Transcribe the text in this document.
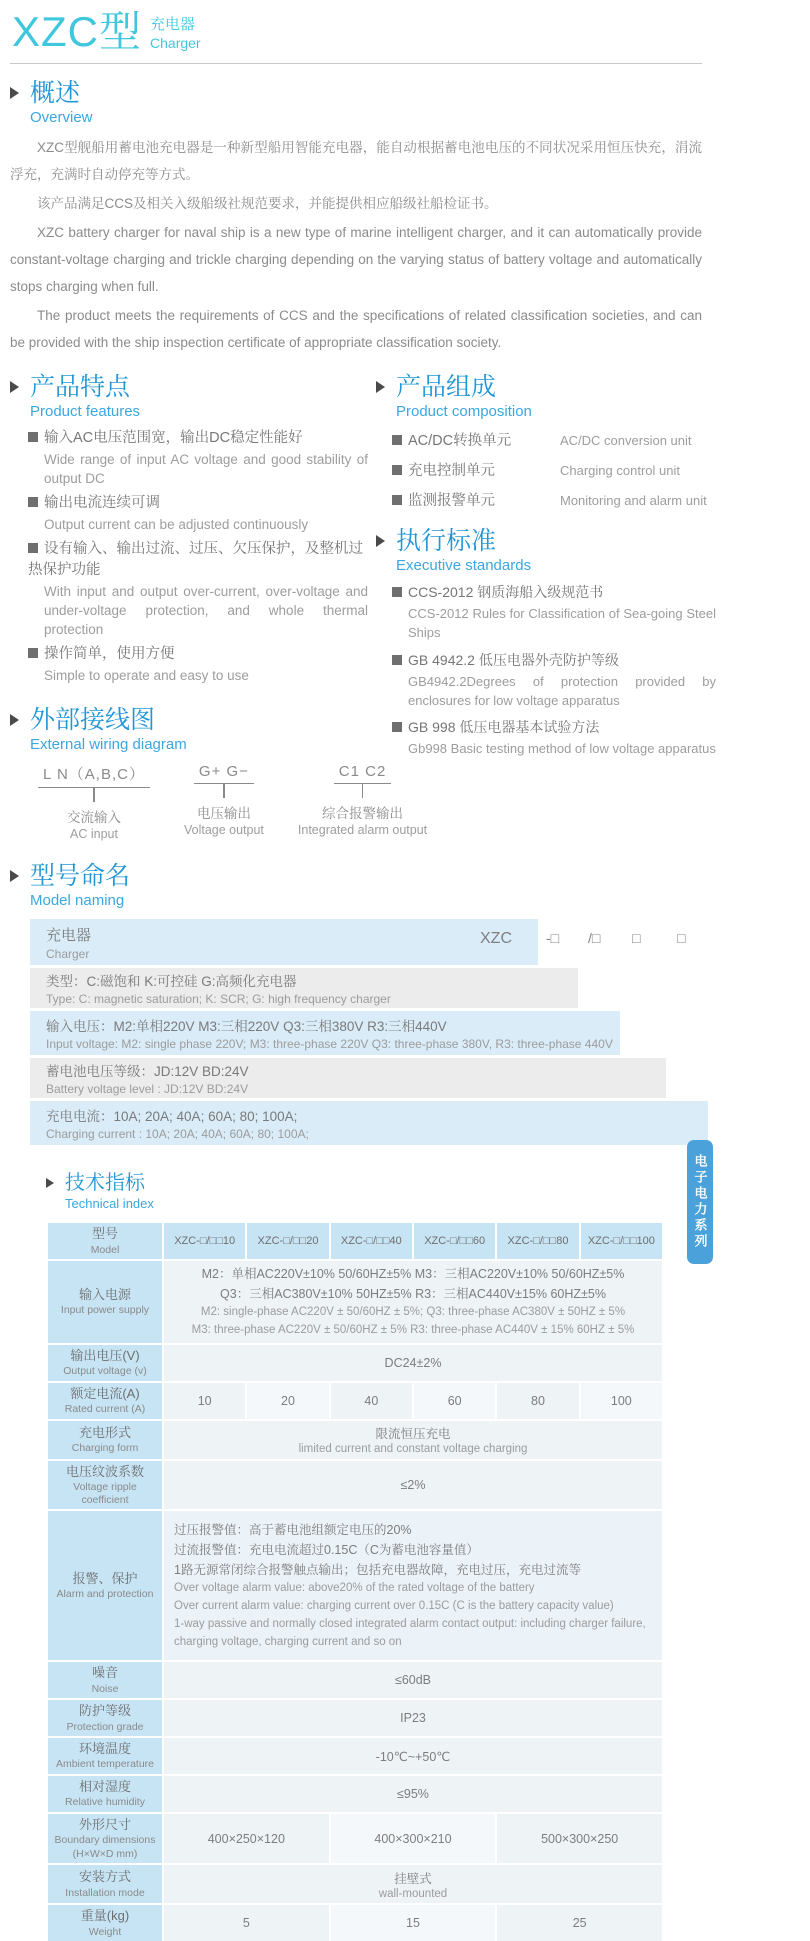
XZC型 充电器
Charger
概述
Overview

XZC型舰船用蓄电池充电器是一种新型船用智能充电器，能自动根据蓄电池电压的不同状况采用恒压快充，涓流浮充，充满时自动停充等方式。

该产品满足CCS及相关入级船级社规范要求，并能提供相应船级社船检证书。

XZC battery charger for naval ship is a new type of marine intelligent charger, and it can automatically provide constant-voltage charging and trickle charging depending on the varying status of battery voltage and automatically stops charging when full.

The product meets the requirements of CCS and the specifications of related classification societies, and can be provided with the ship inspection certificate of appropriate classification society.

产品特点
Product features
输入AC电压范围宽，输出DC稳定性能好
Wide range of input AC voltage and good stability of output DC
输出电流连续可调
Output current can be adjusted continuously
设有输入、输出过流、过压、欠压保护，及整机过热保护功能
With input and output over-current, over-voltage and under-voltage protection, and whole thermal protection
操作简单，使用方便
Simple to operate and easy to use
外部接线图
External wiring diagram
L N（A,B,C）
交流输入
AC input
G+ G−
电压输出
Voltage output
C1 C2
综合报警输出
Integrated alarm output
产品组成
Product composition
AC/DC转换单元	AC/DC conversion unit
充电控制单元	Charging control unit
监测报警单元	Monitoring and alarm unit
执行标准
Executive standards
CCS-2012 钢质海船入级规范书
CCS-2012 Rules for Classification of Sea-going Steel Ships
GB 4942.2 低压电器外壳防护等级
GB4942.2Degrees of protection provided by enclosures for low voltage apparatus
GB 998 低压电器基本试验方法
Gb998 Basic testing method of low voltage apparatus
型号命名
Model naming
XZC -□ /□ □	□
充电器
Charger
类型：C:磁饱和 K:可控硅 G:高频化充电器
Type: C: magnetic saturation; K: SCR; G: high frequency charger
输入电压：M2:单相220V M3:三相220V Q3:三相380V R3:三相440V
Input voltage: M2: single phase 220V; M3: three-phase 220V Q3: three-phase 380V, R3: three-phase 440V
蓄电池电压等级：JD:12V BD:24V
Battery voltage level : JD:12V BD:24V
充电电流：10A; 20A; 40A; 60A; 80; 100A;
Charging current : 10A; 20A; 40A; 60A; 80; 100A;
技术指标
Technical index
型号
Model
XZC-□/□□10	XZC-□/□□20	XZC-□/□□40	XZC-□/□□60	XZC-□/□□80	XZC-□/□□100
输入电源
Input power supply
M2：单相AC220V±10% 50/60HZ±5% M3：三相AC220V±10% 50/60HZ±5%
Q3：三相AC380V±10% 50HZ±5% R3：三相AC440V±15% 60HZ±5%
M2: single-phase AC220V ± 50/60HZ ± 5%; Q3: three-phase AC380V ± 50HZ ± 5%
M3: three-phase AC220V ± 50/60HZ ± 5% R3: three-phase AC440V ± 15% 60HZ ± 5%
输出电压(V)
Output voltage (v)
DC24±2%
额定电流(A)
Rated current (A)
10	20	40	60	80	100
充电形式
Charging form
限流恒压充电
limited current and constant voltage charging
电压纹波系数
Voltage ripple coefficient
≤2%
报警、保护
Alarm and protection
过压报警值：高于蓄电池组额定电压的20%
过流报警值：充电电流超过0.15C（C为蓄电池容量值）
1路无源常闭综合报警触点输出；包括充电器故障，充电过压，充电过流等
Over voltage alarm value: above20% of the rated voltage of the battery
Over current alarm value: charging current over 0.15C (C is the battery capacity value)
1-way passive and normally closed integrated alarm contact output: including charger failure, charging voltage, charging current and so on
噪音
Noise
≤60dB
防护等级
Protection grade
IP23
环境温度
Ambient temperature
-10℃~+50℃
相对湿度
Relative humidity
≤95%
外形尺寸
Boundary dimensions
(H×W×D mm)
400×250×120	400×300×210	500×300×250
安装方式
Installation mode
挂壁式
wall-mounted
重量(kg)
Weight
5	15	25
电子电力系列
